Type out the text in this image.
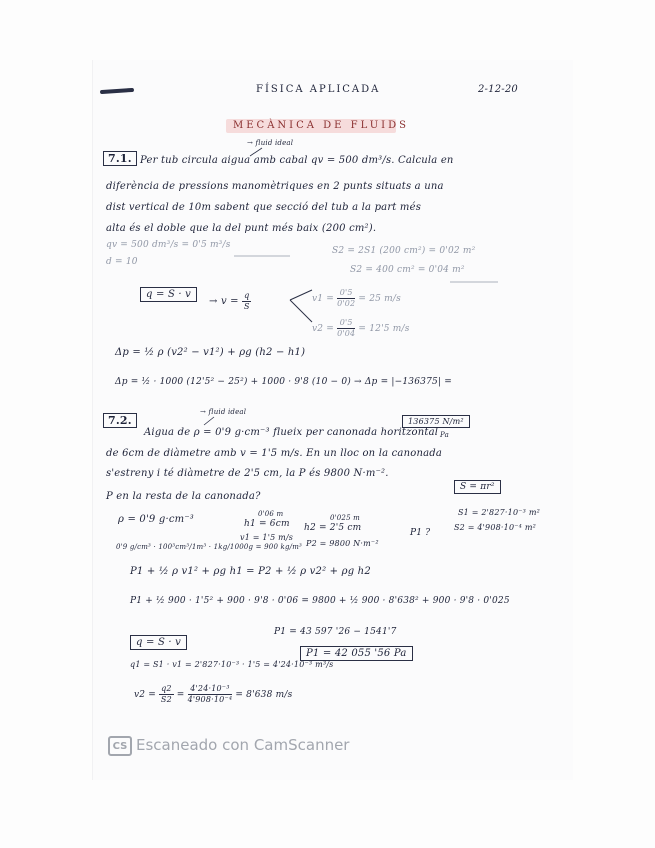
FÍSICA APLICADA	2-12-20
MECÀNICA DE FLUIDS
→ fluid ideal
7.1. Per tub circula aigua amb cabal qv = 500 dm³/s. Calcula en
diferència de pressions manomètriques en 2 punts situats a una
dist vertical de 10m sabent que secció del tub a la part més
alta és el doble que la del punt més baix (200 cm²).
qv = 500 dm³/s = 0'5 m³/s
S2 = 2S1 (200 cm²) = 0'02 m²
d = 10
S2 = 400 cm² = 0'04 m²
q = S · v
→ $v = \frac{q}{S}$	$v1 = \frac{0'5}{0'02} = 25$ m/s
$v2 = \frac{0'5}{0'04} = 12'5$ m/s
Δp = ½ ρ (v2² − v1²) + ρg (h2 − h1)
Δp = ½ · 1000 (12'5² − 25²) + 1000 · 9'8 (10 − 0) → Δp = |−136375| =
136375 N/m²
Pa
→ fluid ideal
7.2.
Aigua de ρ = 0'9 g·cm⁻³ flueix per canonada horitzontal
de 6cm de diàmetre amb v = 1'5 m/s. En un lloc on la canonada
s'estreny i té diàmetre de 2'5 cm, la P és 9800 N·m⁻².
P en la resta de la canonada?
S = πr²
ρ = 0'9 g·cm⁻³	0'06 m
h1 = 6cm
0'025 m
h2 = 2'5 cm	P1 ?
S1 = 2'827·10⁻³ m²
S2 = 4'908·10⁻⁴ m²
v1 = 1'5 m/s
P2 = 9800 N·m⁻²
0'9 g/cm³ · 100³cm³/1m³ · 1kg/1000g = 900 kg/m³
P1 + ½ ρ v1² + ρg h1 = P2 + ½ ρ v2² + ρg h2
P1 + ½ 900 · 1'5² + 900 · 9'8 · 0'06 = 9800 + ½ 900 · 8'638² + 900 · 9'8 · 0'025
P1 = 43 597 '26 − 1541'7
P1 = 42 055 '56 Pa
q = S · v
q1 = S1 · v1 = 2'827·10⁻³ · 1'5 = 4'24·10⁻³ m³/s
$v2 = \frac{q2}{S2} = \frac{\text{4'24·10⁻³}}{\text{4'908·10⁻⁴}} = 8'638$ m/s
CS Escaneado con CamScanner
